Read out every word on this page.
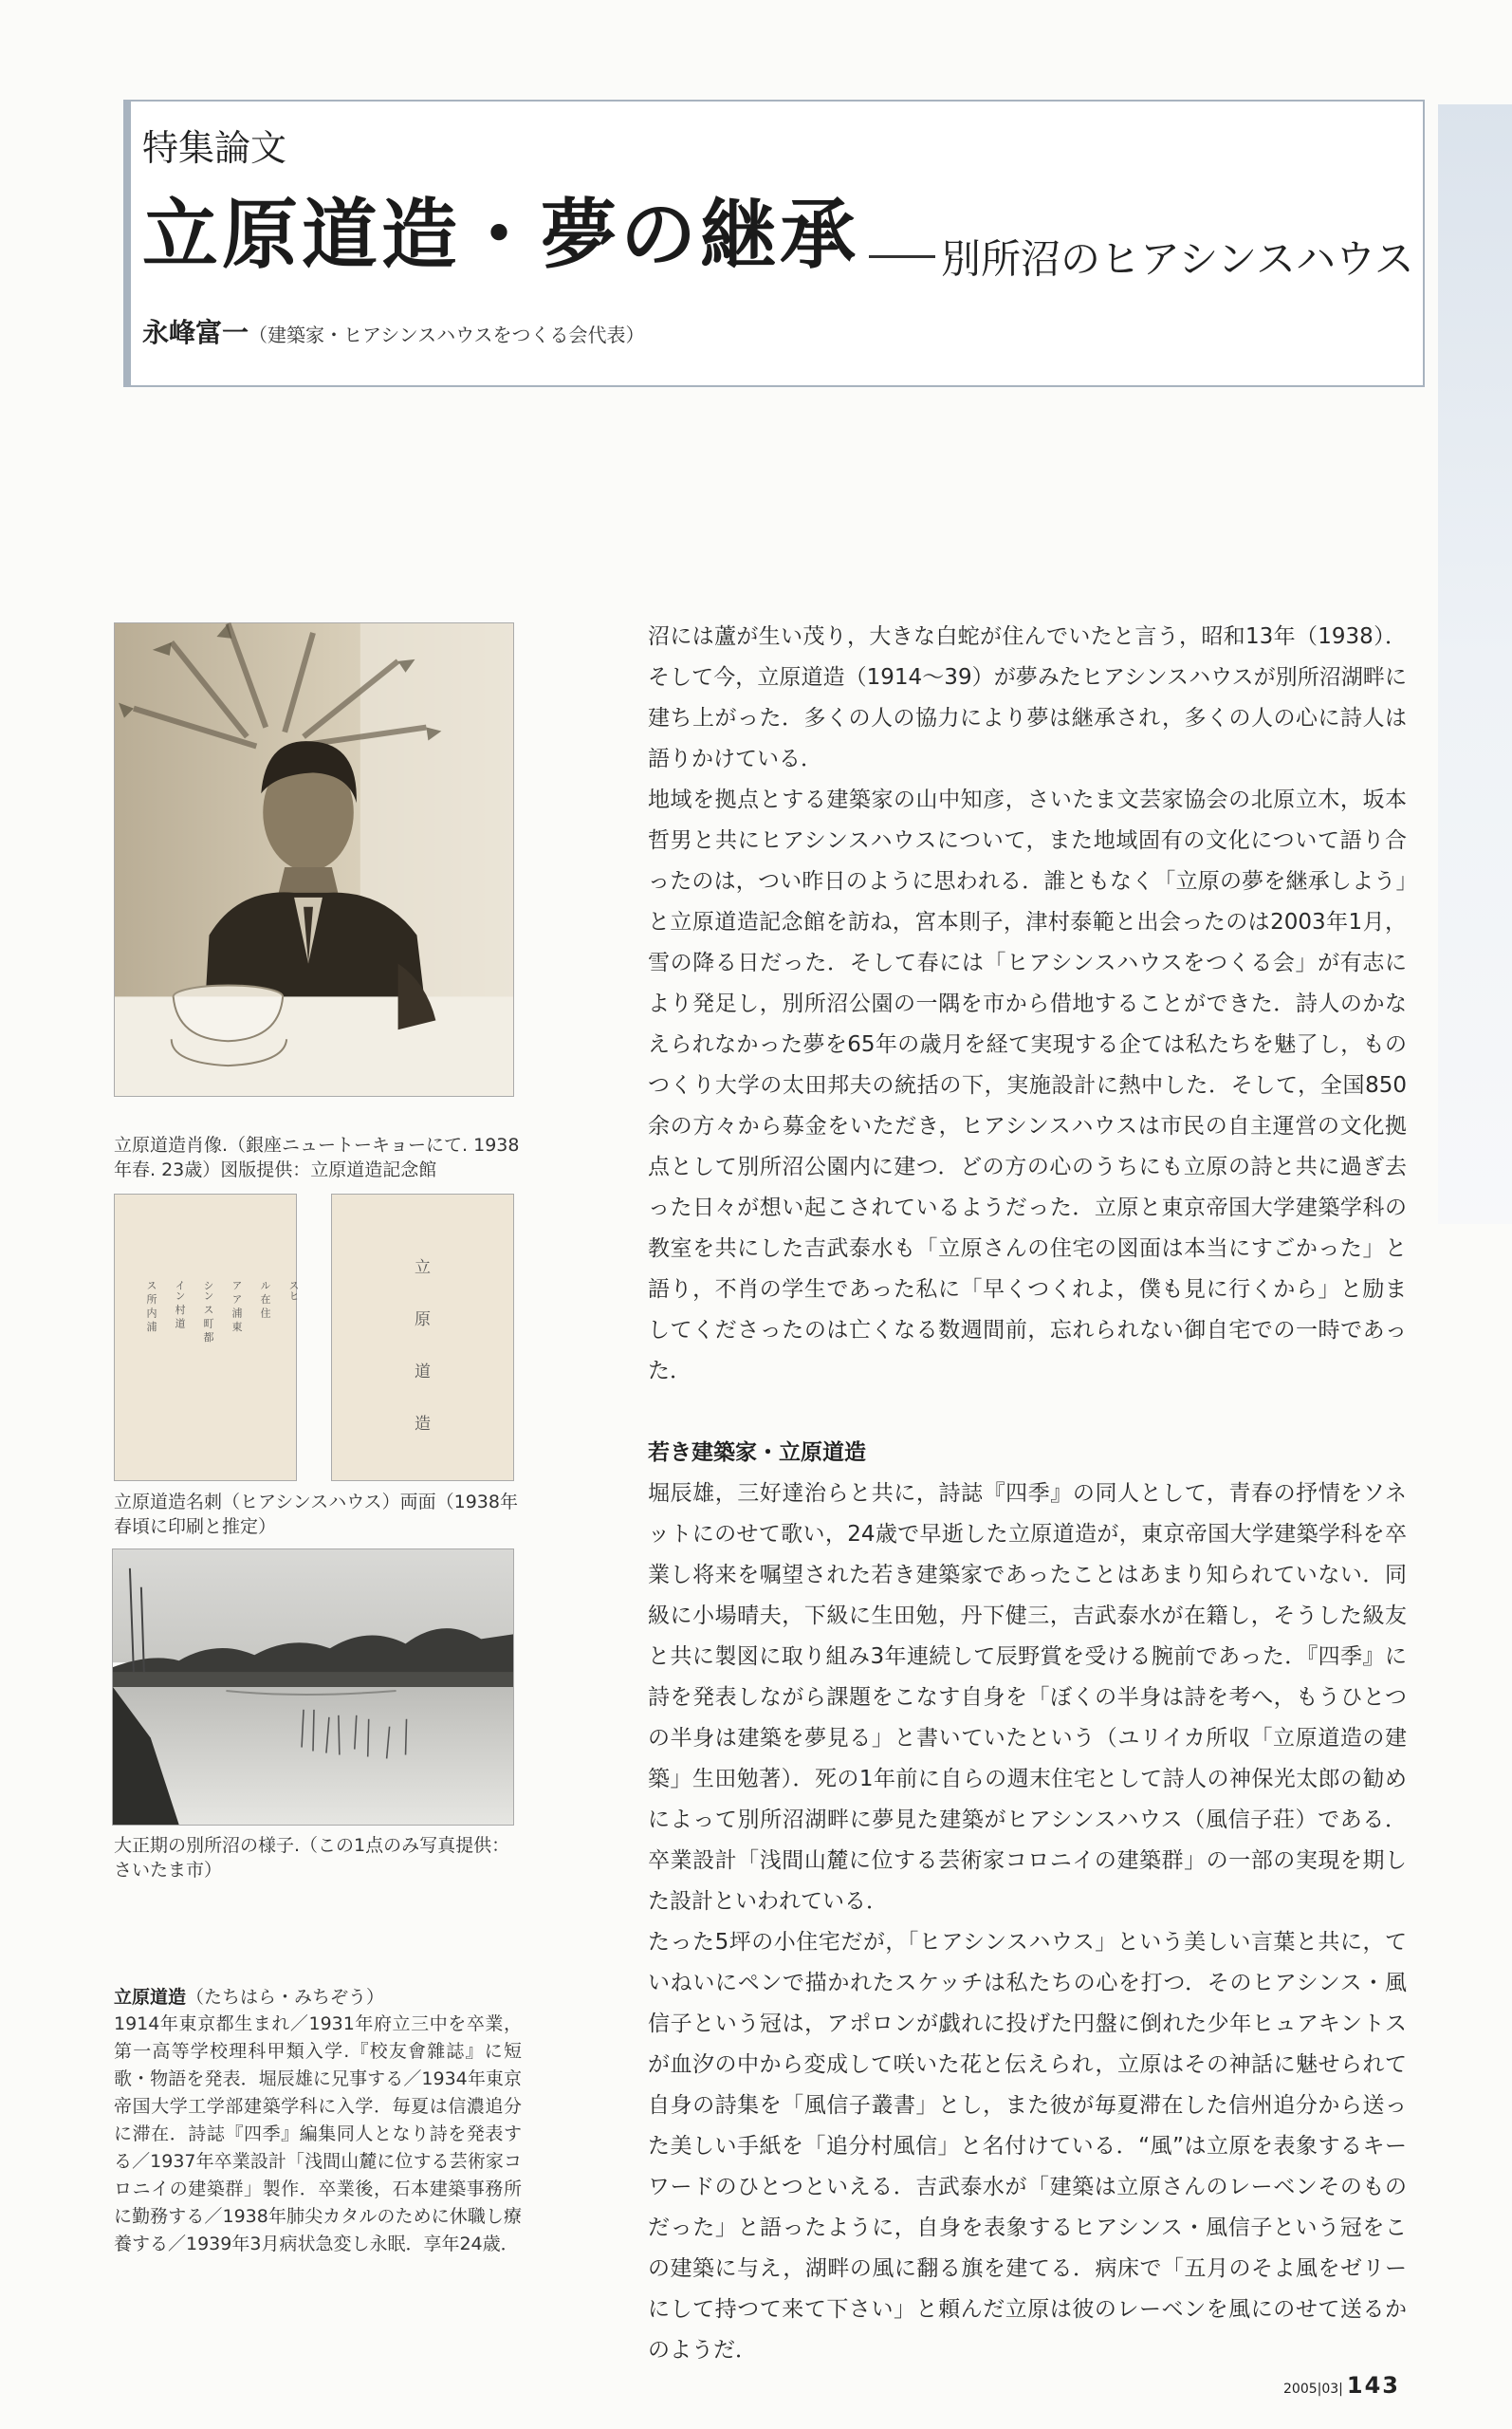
特集論文
立原道造・夢の継承 別所沼のヒアシンスハウス
永峰富一（建築家・ヒアシンスハウスをつくる会代表）
立原道造肖像.（銀座ニュートーキョーにて. 1938年春. 23歳）図版提供：立原道造記念館
スヒ
ル 在 住
ア ア 浦 東
シン ス 町 都
イン 村 道
ス 所 内 浦
立
原
道
造
立原道造名刺（ヒアシンスハウス）両面（1938年春頃に印刷と推定）
大正期の別所沼の様子.（この1点のみ写真提供：さいたま市）
立原道造（たちはら・みちぞう）
1914年東京都生まれ／1931年府立三中を卒業，第一高等学校理科甲類入学.『校友會雜誌』に短歌・物語を発表．堀辰雄に兄事する／1934年東京帝国大学工学部建築学科に入学．毎夏は信濃追分に滞在．詩誌『四季』編集同人となり詩を発表する／1937年卒業設計「浅間山麓に位する芸術家コロニイの建築群」製作．卒業後，石本建築事務所に勤務する／1938年肺尖カタルのために休職し療養する／1939年3月病状急変し永眠．享年24歳．

沼には蘆が生い茂り，大きな白蛇が住んでいたと言う，昭和13年（1938）．そして今，立原道造（1914～39）が夢みたヒアシンスハウスが別所沼湖畔に建ち上がった．多くの人の協力により夢は継承され，多くの人の心に詩人は語りかけている．

地域を拠点とする建築家の山中知彦，さいたま文芸家協会の北原立木，坂本哲男と共にヒアシンスハウスについて，また地域固有の文化について語り合ったのは，つい昨日のように思われる．誰ともなく「立原の夢を継承しよう」と立原道造記念館を訪ね，宮本則子，津村泰範と出会ったのは2003年1月，雪の降る日だった．そして春には「ヒアシンスハウスをつくる会」が有志により発足し，別所沼公園の一隅を市から借地することができた．詩人のかなえられなかった夢を65年の歳月を経て実現する企ては私たちを魅了し，ものつくり大学の太田邦夫の統括の下，実施設計に熱中した．そして，全国850余の方々から募金をいただき，ヒアシンスハウスは市民の自主運営の文化拠点として別所沼公園内に建つ．どの方の心のうちにも立原の詩と共に過ぎ去った日々が想い起こされているようだった．立原と東京帝国大学建築学科の教室を共にした吉武泰水も「立原さんの住宅の図面は本当にすごかった」と語り，不肖の学生であった私に「早くつくれよ，僕も見に行くから」と励ましてくださったのは亡くなる数週間前，忘れられない御自宅での一時であった．

若き建築家・立原道造

堀辰雄，三好達治らと共に，詩誌『四季』の同人として，青春の抒情をソネットにのせて歌い，24歳で早逝した立原道造が，東京帝国大学建築学科を卒業し将来を嘱望された若き建築家であったことはあまり知られていない．同級に小場晴夫，下級に生田勉，丹下健三，吉武泰水が在籍し，そうした級友と共に製図に取り組み3年連続して辰野賞を受ける腕前であった．『四季』に詩を発表しながら課題をこなす自身を「ぼくの半身は詩を考へ，もうひとつの半身は建築を夢見る」と書いていたという（ユリイカ所収「立原道造の建築」生田勉著）．死の1年前に自らの週末住宅として詩人の神保光太郎の勧めによって別所沼湖畔に夢見た建築がヒアシンスハウス（風信子荘）である．卒業設計「浅間山麓に位する芸術家コロニイの建築群」の一部の実現を期した設計といわれている．

たった5坪の小住宅だが，「ヒアシンスハウス」という美しい言葉と共に，ていねいにペンで描かれたスケッチは私たちの心を打つ．そのヒアシンス・風信子という冠は，アポロンが戯れに投げた円盤に倒れた少年ヒュアキントスが血汐の中から変成して咲いた花と伝えられ，立原はその神話に魅せられて自身の詩集を「風信子叢書」とし，また彼が毎夏滞在した信州追分から送った美しい手紙を「追分村風信」と名付けている．“風”は立原を表象するキーワードのひとつといえる．吉武泰水が「建築は立原さんのレーベンそのものだった」と語ったように，自身を表象するヒアシンス・風信子という冠をこの建築に与え，湖畔の風に翻る旗を建てる．病床で「五月のそよ風をゼリーにして持つて来て下さい」と頼んだ立原は彼のレーベンを風にのせて送るかのようだ．

2005|03| 143
